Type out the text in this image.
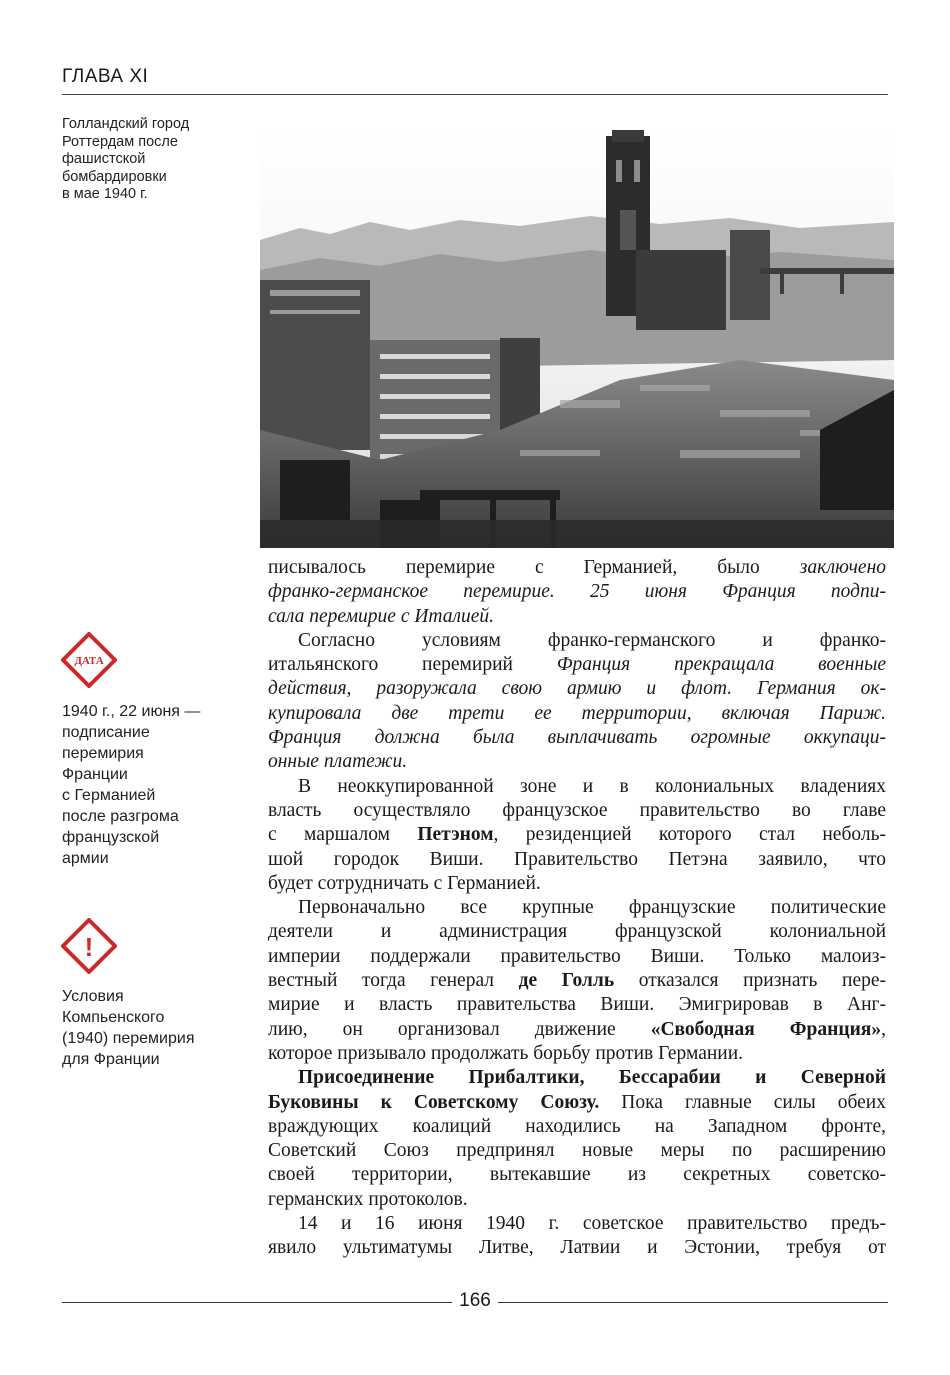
ГЛАВА XI
Голландский город
Роттердам после
фашистской
бомбардировки
в мае 1940 г.
ДАТА
1940 г., 22 июня —
подписание
перемирия
Франции
с Германией
после разгрома
французской
армии
!
Условия
Компьенского
(1940) перемирия
для Франции
писывалось перемирие с Германией, было заключено
франко-германское перемирие. 25 июня Франция подпи-
сала перемирие с Италией.
Согласно условиям франко-германского и франко-
итальянского перемирий Франция прекращала военные
действия, разоружала свою армию и флот. Германия ок-
купировала две трети ее территории, включая Париж.
Франция должна была выплачивать огромные оккупаци-
онные платежи.
В неоккупированной зоне и в колониальных владениях
власть осуществляло французское правительство во главе
с маршалом Петэном, резиденцией которого стал неболь-
шой городок Виши. Правительство Петэна заявило, что
будет сотрудничать с Германией.
Первоначально все крупные французские политические
деятели и администрация французской колониальной
империи поддержали правительство Виши. Только малоиз-
вестный тогда генерал де Голль отказался признать пере-
мирие и власть правительства Виши. Эмигрировав в Анг-
лию, он организовал движение «Свободная Франция»,
которое призывало продолжать борьбу против Германии.
Присоединение Прибалтики, Бессарабии и Северной
Буковины к Советскому Союзу. Пока главные силы обеих
враждующих коалиций находились на Западном фронте,
Советский Союз предпринял новые меры по расширению
своей территории, вытекавшие из секретных советско-
германских протоколов.
14 и 16 июня 1940 г. советское правительство предъ-
явило ультиматумы Литве, Латвии и Эстонии, требуя от
166
